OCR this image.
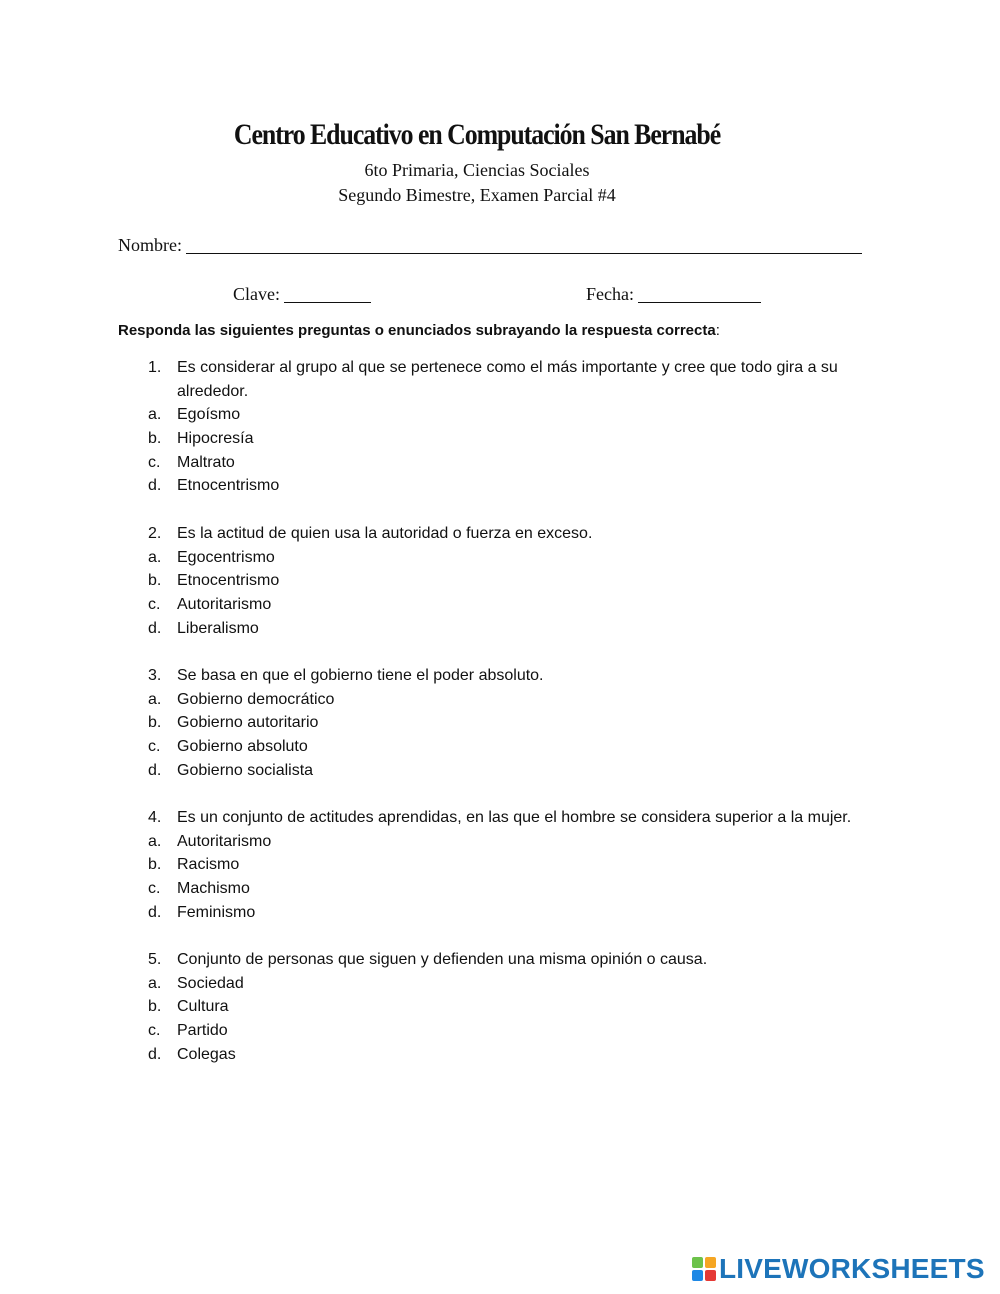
Centro Educativo en Computación San Bernabé
6to Primaria, Ciencias Sociales
Segundo Bimestre, Examen Parcial #4
Nombre:
Clave:	Fecha:
Responda las siguientes preguntas o enunciados subrayando la respuesta correcta:
1. Es considerar al grupo al que se pertenece como el más importante y cree que todo gira a su alrededor.
a. Egoísmo
b. Hipocresía
c. Maltrato
d. Etnocentrismo
2. Es la actitud de quien usa la autoridad o fuerza en exceso.
a. Egocentrismo
b. Etnocentrismo
c. Autoritarismo
d. Liberalismo
3. Se basa en que el gobierno tiene el poder absoluto.
a. Gobierno democrático
b. Gobierno autoritario
c. Gobierno absoluto
d. Gobierno socialista
4. Es un conjunto de actitudes aprendidas, en las que el hombre se considera superior a la mujer.
a. Autoritarismo
b. Racismo
c. Machismo
d. Feminismo
5. Conjunto de personas que siguen y defienden una misma opinión o causa.
a. Sociedad
b. Cultura
c. Partido
d. Colegas
LIVEWORKSHEETS
